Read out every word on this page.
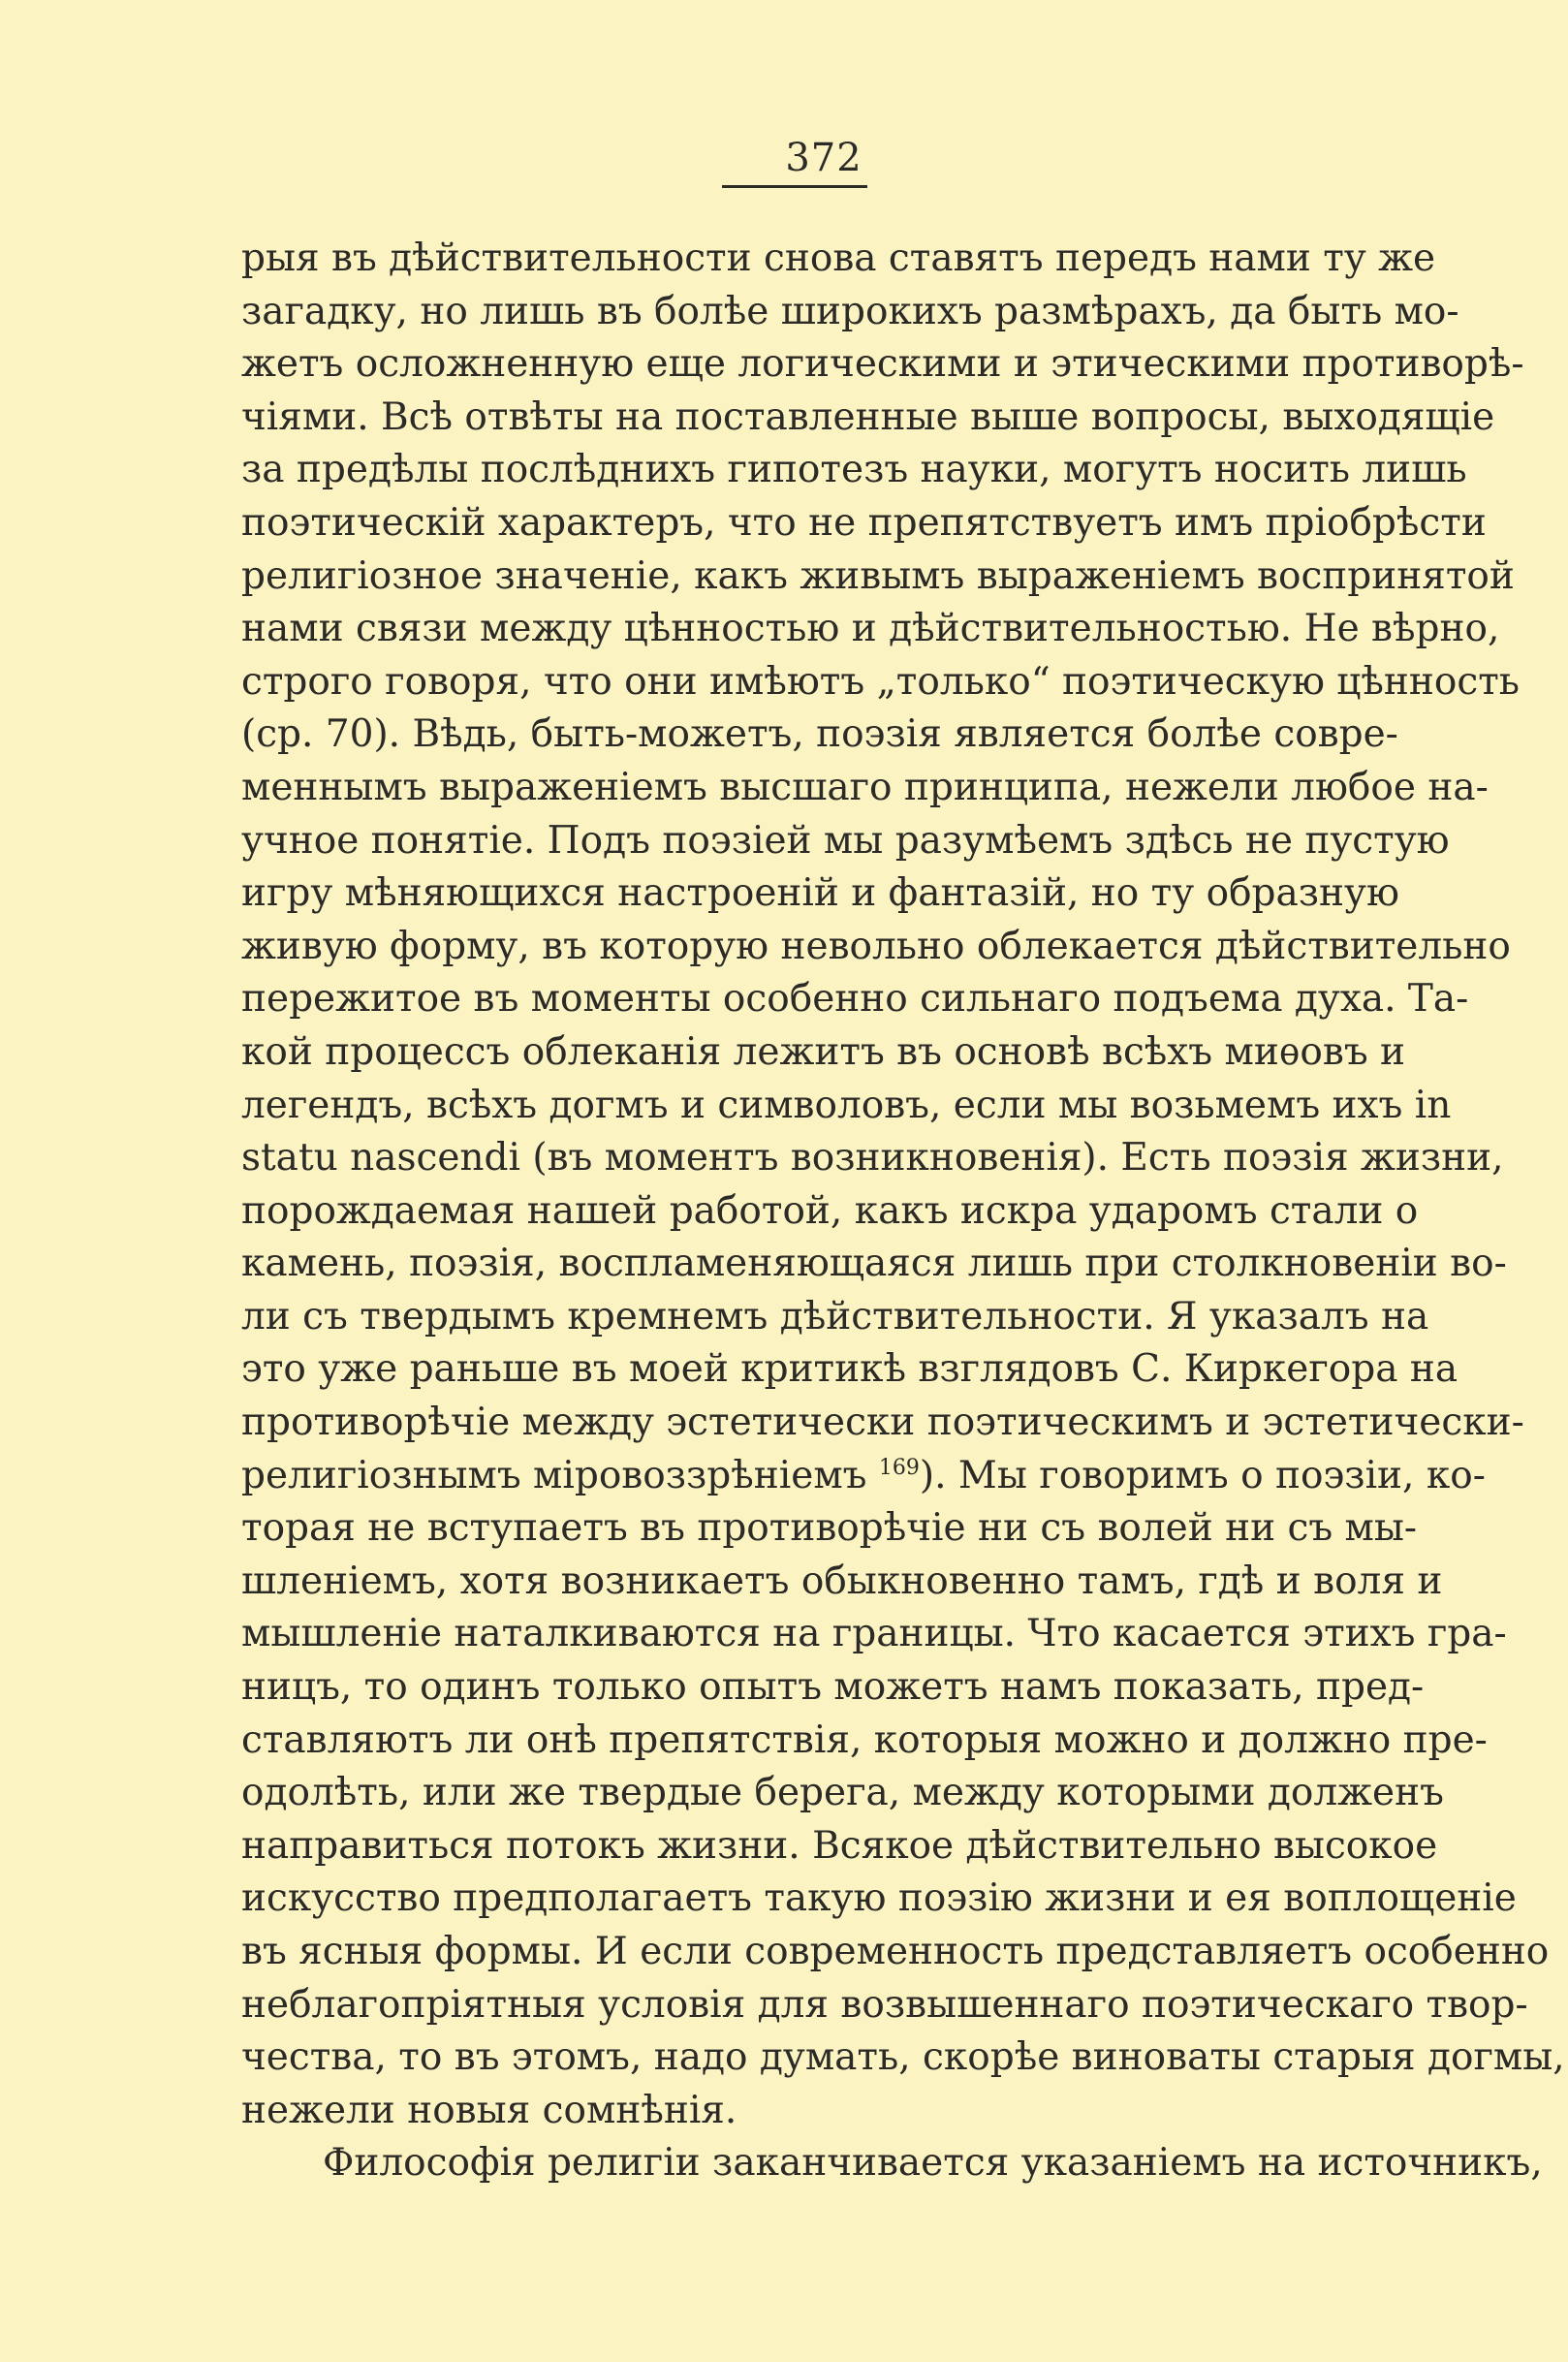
372
рыя въ дѣйствительности снова ставятъ передъ нами ту же
загадку, но лишь въ болѣе широкихъ размѣрахъ, да быть мо-
жетъ осложненную еще логическими и этическими противорѣ-
чіями. Всѣ отвѣты на поставленные выше вопросы, выходящіе
за предѣлы послѣднихъ гипотезъ науки, могутъ носить лишь
поэтическій характеръ, что не препятствуетъ имъ пріобрѣсти
религіозное значеніе, какъ живымъ выраженіемъ воспринятой
нами связи между цѣнностью и дѣйствительностью. Не вѣрно,
строго говоря, что они имѣютъ „только“ поэтическую цѣнность
(ср. 70). Вѣдь, быть-можетъ, поэзія является болѣе совре-
меннымъ выраженіемъ высшаго принципа, нежели любое на-
учное понятіе. Подъ поэзіей мы разумѣемъ здѣсь не пустую
игру мѣняющихся настроеній и фантазій, но ту образную
живую форму, въ которую невольно облекается дѣйствительно
пережитое въ моменты особенно сильнаго подъема духа. Та-
кой процессъ облеканія лежитъ въ основѣ всѣхъ миѳовъ и
легендъ, всѣхъ догмъ и символовъ, если мы возьмемъ ихъ in
statu nascendi (въ моментъ возникновенія). Есть поэзія жизни,
порождаемая нашей работой, какъ искра ударомъ стали о
камень, поэзія, воспламеняющаяся лишь при столкновеніи во-
ли съ твердымъ кремнемъ дѣйствительности. Я указалъ на
это уже раньше въ моей критикѣ взглядовъ С. Киркегора на
противорѣчіе между эстетически поэтическимъ и эстетически-
религіознымъ міровоззрѣніемъ $^{169}$). Мы говоримъ о поэзіи, ко-
торая не вступаетъ въ противорѣчіе ни съ волей ни съ мы-
шленіемъ, хотя возникаетъ обыкновенно тамъ, гдѣ и воля и
мышленіе наталкиваются на границы. Что касается этихъ гра-
ницъ, то одинъ только опытъ можетъ намъ показать, пред-
ставляютъ ли онѣ препятствія, которыя можно и должно пре-
одолѣть, или же твердые берега, между которыми долженъ
направиться потокъ жизни. Всякое дѣйствительно высокое
искусство предполагаетъ такую поэзію жизни и ея воплощеніе
въ ясныя формы. И если современность представляетъ особенно
неблагопріятныя условія для возвышеннаго поэтическаго твор-
чества, то въ этомъ, надо думать, скорѣе виноваты старыя догмы,
нежели новыя сомнѣнія.
Философія религіи заканчивается указаніемъ на источникъ,
